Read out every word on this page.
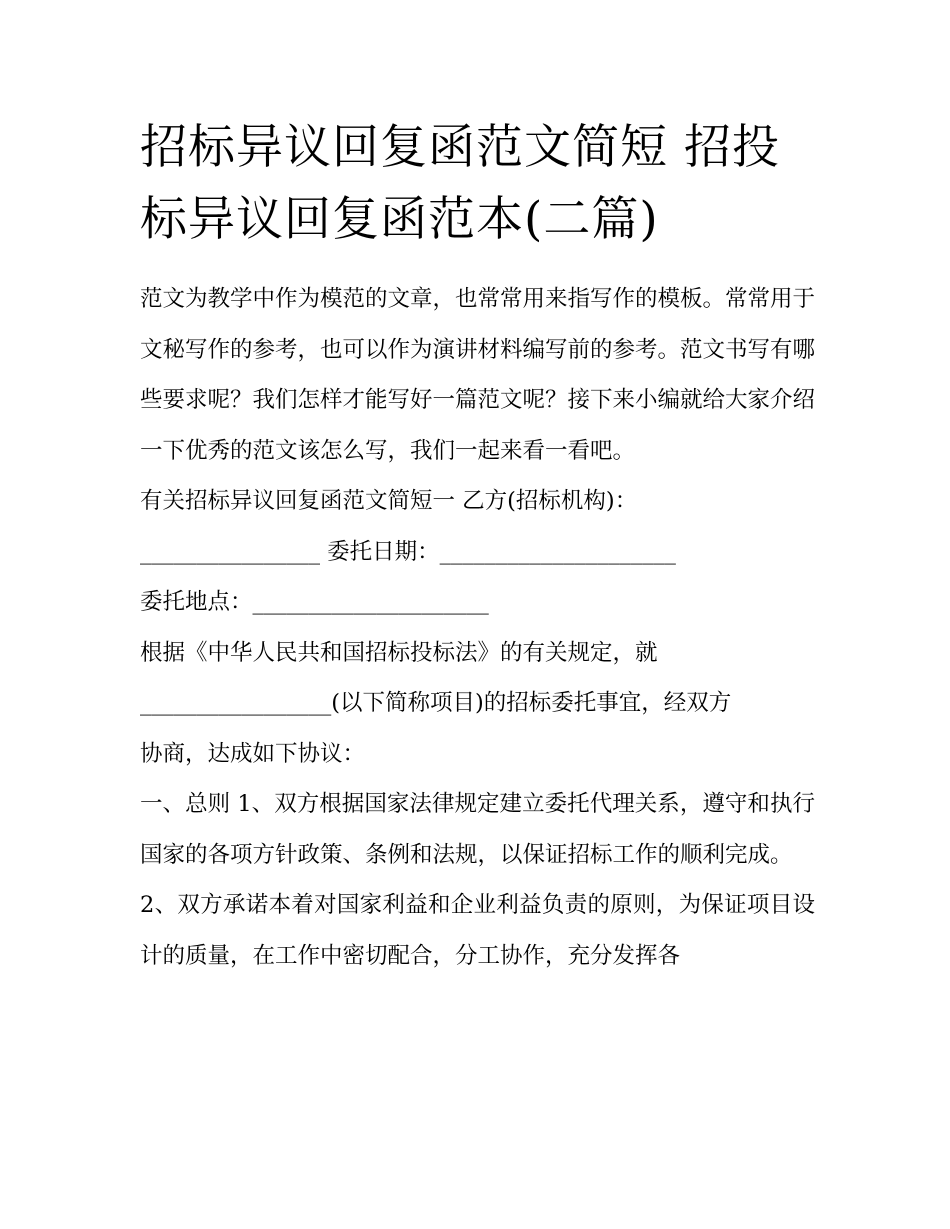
招标异议回复函范文简短 招投
标异议回复函范本(二篇)

范文为教学中作为模范的文章，也常常用来指写作的模板。常常用于文秘写作的参考，也可以作为演讲材料编写前的参考。范文书写有哪些要求呢？我们怎样才能写好一篇范文呢？接下来小编就给大家介绍一下优秀的范文该怎么写，我们一起来看一看吧。

有关招标异议回复函范文简短一 乙方(招标机构)：

________________ 委托日期：_____________________

委托地点：_____________________

根据《中华人民共和国招标投标法》的有关规定，就

_________________(以下简称项目)的招标委托事宜，经双方

协商，达成如下协议：

一、总则 1、双方根据国家法律规定建立委托代理关系，遵守和执行国家的各项方针政策、条例和法规，以保证招标工作的顺利完成。

2、双方承诺本着对国家利益和企业利益负责的原则，为保证项目设计的质量，在工作中密切配合，分工协作，充分发挥各
